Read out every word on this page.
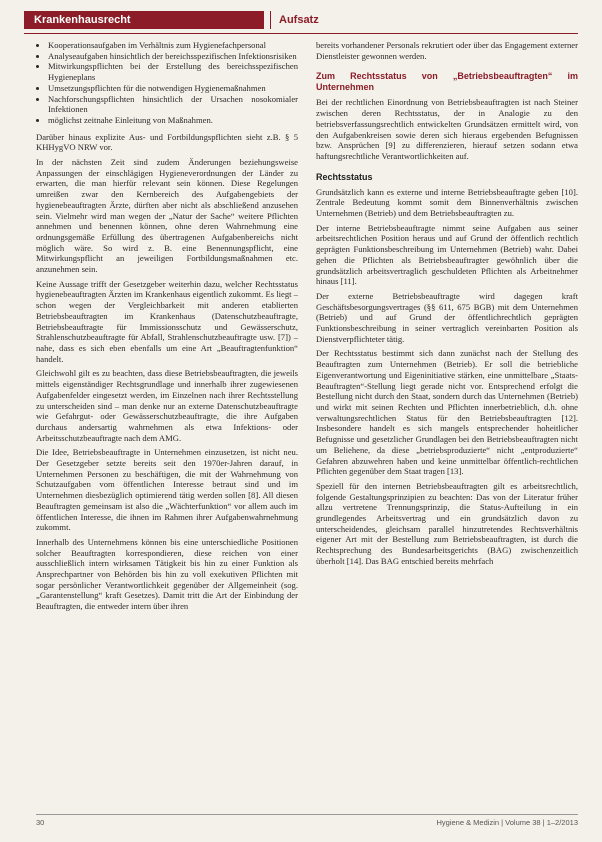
Krankenhausrecht	Aufsatz
• Kooperationsaufgaben im Verhältnis zum Hygienefachpersonal
• Analyseaufgaben hinsichtlich der bereichsspezifischen Infektionsrisiken
• Mitwirkungspflichten bei der Erstellung des bereichsspezifischen Hygieneplans
• Umsetzungspflichten für die notwendigen Hygienemaßnahmen
• Nachforschungspflichten hinsichtlich der Ursachen nosokomialer Infektionen
• möglichst zeitnahe Einleitung von Maßnahmen.

Darüber hinaus explizite Aus- und Fortbildungspflichten sieht z.B. § 5 KHHygVO NRW vor.

In der nächsten Zeit sind zudem Änderungen beziehungsweise Anpassungen der einschlägigen Hygieneverordnungen der Länder zu erwarten, die man hierfür relevant sein können. Diese Regelungen umreißen zwar den Kernbereich des Aufgabengebiets der hygienebeauftragten Ärzte, dürften aber nicht als abschließend anzusehen sein. Vielmehr wird man wegen der „Natur der Sache“ weitere Pflichten annehmen und benennen können, ohne deren Wahrnehmung eine ordnungsgemäße Erfüllung des übertragenen Aufgabenbereichs nicht möglich wäre. So wird z. B. eine Benennungspflicht, eine Mitwirkungspflicht an jeweiligen Fortbildungsmaßnahmen etc. anzunehmen sein.

Keine Aussage trifft der Gesetzgeber weiterhin dazu, welcher Rechtsstatus hygienebeauftragten Ärzten im Krankenhaus eigentlich zukommt. Es liegt – schon wegen der Vergleichbarkeit mit anderen etablierten Betriebsbeauftragten im Krankenhaus (Datenschutzbeauftragte, Betriebsbeauftragte für Immissionsschutz und Gewässerschutz, Strahlenschutzbeauftragte für Abfall, Strahlenschutzbeauftragte usw. [7]) – nahe, dass es sich eben ebenfalls um eine Art „Beauftragtenfunktion“ handelt.

Gleichwohl gilt es zu beachten, dass diese Betriebsbeauftragten, die jeweils mittels eigenständiger Rechtsgrundlage und innerhalb ihrer zugewiesenen Aufgabenfelder eingesetzt werden, im Einzelnen nach ihrer Rechtsstellung zu unterscheiden sind – man denke nur an externe Datenschutzbeauftragte wie Gefahrgut- oder Gewässerschutzbeauftragte, die ihre Aufgaben durchaus andersartig wahrnehmen als etwa Infektions- oder Arbeitsschutzbeauftragte nach dem AMG.

Die Idee, Betriebsbeauftragte in Unternehmen einzusetzen, ist nicht neu. Der Gesetzgeber setzte bereits seit den 1970er-Jahren darauf, in Unternehmen Personen zu beschäftigen, die mit der Wahrnehmung von Schutzaufgaben vom öffentlichen Interesse betraut sind und im Unternehmen diesbezüglich optimierend tätig werden sollen [8]. All diesen Beauftragten gemeinsam ist also die „Wächterfunktion“ vor allem auch im öffentlichen Interesse, die ihnen im Rahmen ihrer Aufgabenwahrnehmung zukommt.

Innerhalb des Unternehmens können bis eine unterschiedliche Positionen solcher Beauftragten korrespondieren, diese reichen von einer ausschließlich intern wirksamen Tätigkeit bis hin zu einer Funktion als Ansprechpartner von Behörden bis hin zu voll exekutiven Pflichten mit sogar persönlicher Verantwortlichkeit gegenüber der Allgemeinheit (sog. „Garantenstellung“ kraft Gesetzes). Damit tritt die Art der Einbindung der Beauftragten, die entweder intern über ihren

bereits vorhandener Personals rekrutiert oder über das Engagement externer Dienstleister gewonnen werden.

Zum Rechtsstatus von „Betriebsbeauftragten“ im Unternehmen

Bei der rechtlichen Einordnung von Betriebsbeauftragten ist nach Steiner zwischen deren Rechtsstatus, der in Analogie zu den betriebsverfassungsrechtlich entwickelten Grundsätzen ermittelt wird, von den Aufgabenkreisen sowie deren sich hieraus ergebenden Befugnissen bzw. Ansprüchen [9] zu differenzieren, hierauf setzen sodann etwa haftungsrechtliche Verantwortlichkeiten auf.

Rechtsstatus

Grundsätzlich kann es externe und interne Betriebsbeauftragte geben [10]. Zentrale Bedeutung kommt somit dem Binnenverhältnis zwischen Unternehmen (Betrieb) und dem Betriebsbeauftragten zu.

Der interne Betriebsbeauftragte nimmt seine Aufgaben aus seiner arbeitsrechtlichen Position heraus und auf Grund der öffentlich rechtlich geprägten Funktionsbeschreibung im Unternehmen (Betrieb) wahr. Dabei gehen die Pflichten als Betriebsbeauftragter gewöhnlich über die grundsätzlich arbeitsvertraglich geschuldeten Pflichten als Arbeitnehmer hinaus [11].

Der externe Betriebsbeauftragte wird dagegen kraft Geschäftsbesorgungsvertrages (§§ 611, 675 BGB) mit dem Unternehmen (Betrieb) und auf Grund der öffentlichrechtlich geprägten Funktionsbeschreibung in seiner vertraglich vereinbarten Position als Dienstverpflichteter tätig.

Der Rechtsstatus bestimmt sich dann zunächst nach der Stellung des Beauftragten zum Unternehmen (Betrieb). Er soll die betriebliche Eigenverantwortung und Eigeninitiative stärken, eine unmittelbare „Staats-Beauftragten“-Stellung liegt gerade nicht vor. Entsprechend erfolgt die Bestellung nicht durch den Staat, sondern durch das Unternehmen (Betrieb) und wirkt mit seinen Rechten und Pflichten innerbetrieblich, d.h. ohne verwaltungsrechtlichen Status für den Betriebsbeauftragten [12]. Insbesondere handelt es sich mangels entsprechender hoheitlicher Befugnisse und gesetzlicher Grundlagen bei den Betriebsbeauftragten nicht um Beliehene, da diese „betriebsproduzierte“ nicht „entproduzierte“ Gefahren abzuwehren haben und keine unmittelbar öffentlich-rechtlichen Pflichten gegenüber dem Staat tragen [13].

Speziell für den internen Betriebsbeauftragten gilt es arbeitsrechtlich, folgende Gestaltungsprinzipien zu beachten: Das von der Literatur früher allzu vertretene Trennungsprinzip, die Status-Aufteilung in ein grundlegendes Arbeitsvertrag und ein grundsätzlich davon zu unterscheidendes, gleichsam parallel hinzutretendes Rechtsverhältnis eigener Art mit der Bestellung zum Betriebsbeauftragten, ist durch die Rechtsprechung des Bundesarbeitsgerichts (BAG) zwischenzeitlich überholt [14]. Das BAG entschied bereits mehrfach

30	Hygiene & Medizin | Volume 38 | 1–2/2013
